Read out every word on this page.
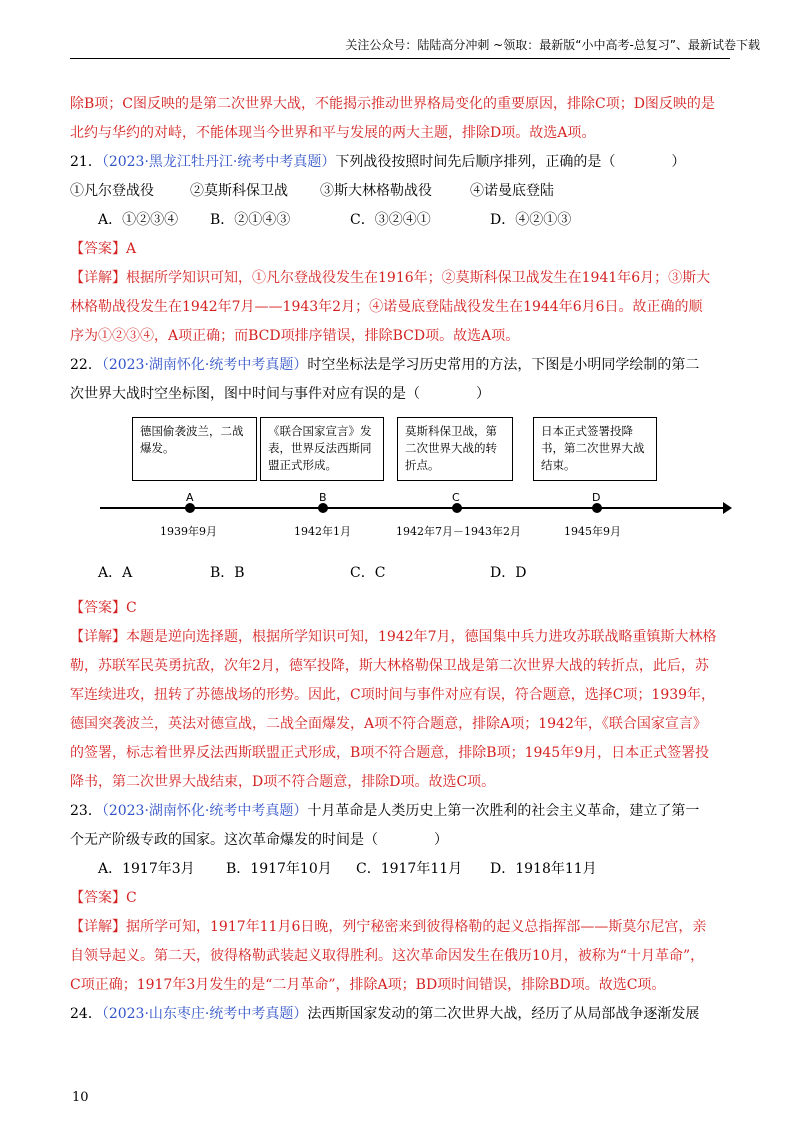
关注公众号：陆陆高分冲刺 ~领取：最新版“小中高考-总复习”、最新试卷下载

除B项；C图反映的是第二次世界大战，不能揭示推动世界格局变化的重要原因，排除C项；D图反映的是

北约与华约的对峙，不能体现当今世界和平与发展的两大主题，排除D项。故选A项。

21．（2023·黑龙江牡丹江·统考中考真题）下列战役按照时间先后顺序排列，正确的是（　　　　）

①凡尔登战役	②莫斯科保卫战	③斯大林格勒战役	④诺曼底登陆

A．①②③④	B．②①④③	C．③②④①	D．④②①③

【答案】A

【详解】根据所学知识可知，①凡尔登战役发生在1916年；②莫斯科保卫战发生在1941年6月；③斯大

林格勒战役发生在1942年7月——1943年2月；④诺曼底登陆战役发生在1944年6月6日。故正确的顺

序为①②③④，A项正确；而BCD项排序错误，排除BCD项。故选A项。

22．（2023·湖南怀化·统考中考真题）时空坐标法是学习历史常用的方法，下图是小明同学绘制的第二

次世界大战时空坐标图，图中时间与事件对应有误的是（　　　　）

德国偷袭波兰，二战爆发。
《联合国家宣言》发表，世界反法西斯同盟正式形成。
莫斯科保卫战，第二次世界大战的转折点。
日本正式签署投降书，第二次世界大战结束。
A	B	C	D
1939年9月	1942年1月	1942年7月－1943年2月	1945年9月

A．A	B．B	C．C	D．D

【答案】C

【详解】本题是逆向选择题，根据所学知识可知，1942年7月，德国集中兵力进攻苏联战略重镇斯大林格

勒，苏联军民英勇抗敌，次年2月，德军投降，斯大林格勒保卫战是第二次世界大战的转折点，此后，苏

军连续进攻，扭转了苏德战场的形势。因此，C项时间与事件对应有误，符合题意，选择C项；1939年，

德国突袭波兰，英法对德宣战，二战全面爆发，A项不符合题意，排除A项；1942年，《联合国家宣言》

的签署，标志着世界反法西斯联盟正式形成，B项不符合题意，排除B项；1945年9月，日本正式签署投

降书，第二次世界大战结束，D项不符合题意，排除D项。故选C项。

23．（2023·湖南怀化·统考中考真题）十月革命是人类历史上第一次胜利的社会主义革命，建立了第一

个无产阶级专政的国家。这次革命爆发的时间是（　　　　）

A．1917年3月	B．1917年10月	C．1917年11月	D．1918年11月

【答案】C

【详解】据所学可知，1917年11月6日晚，列宁秘密来到彼得格勒的起义总指挥部——斯莫尔尼宫，亲

自领导起义。第二天，彼得格勒武装起义取得胜利。这次革命因发生在俄历10月，被称为“十月革命”，

C项正确；1917年3月发生的是“二月革命”，排除A项；BD项时间错误，排除BD项。故选C项。

24．（2023·山东枣庄·统考中考真题）法西斯国家发动的第二次世界大战，经历了从局部战争逐渐发展

10
